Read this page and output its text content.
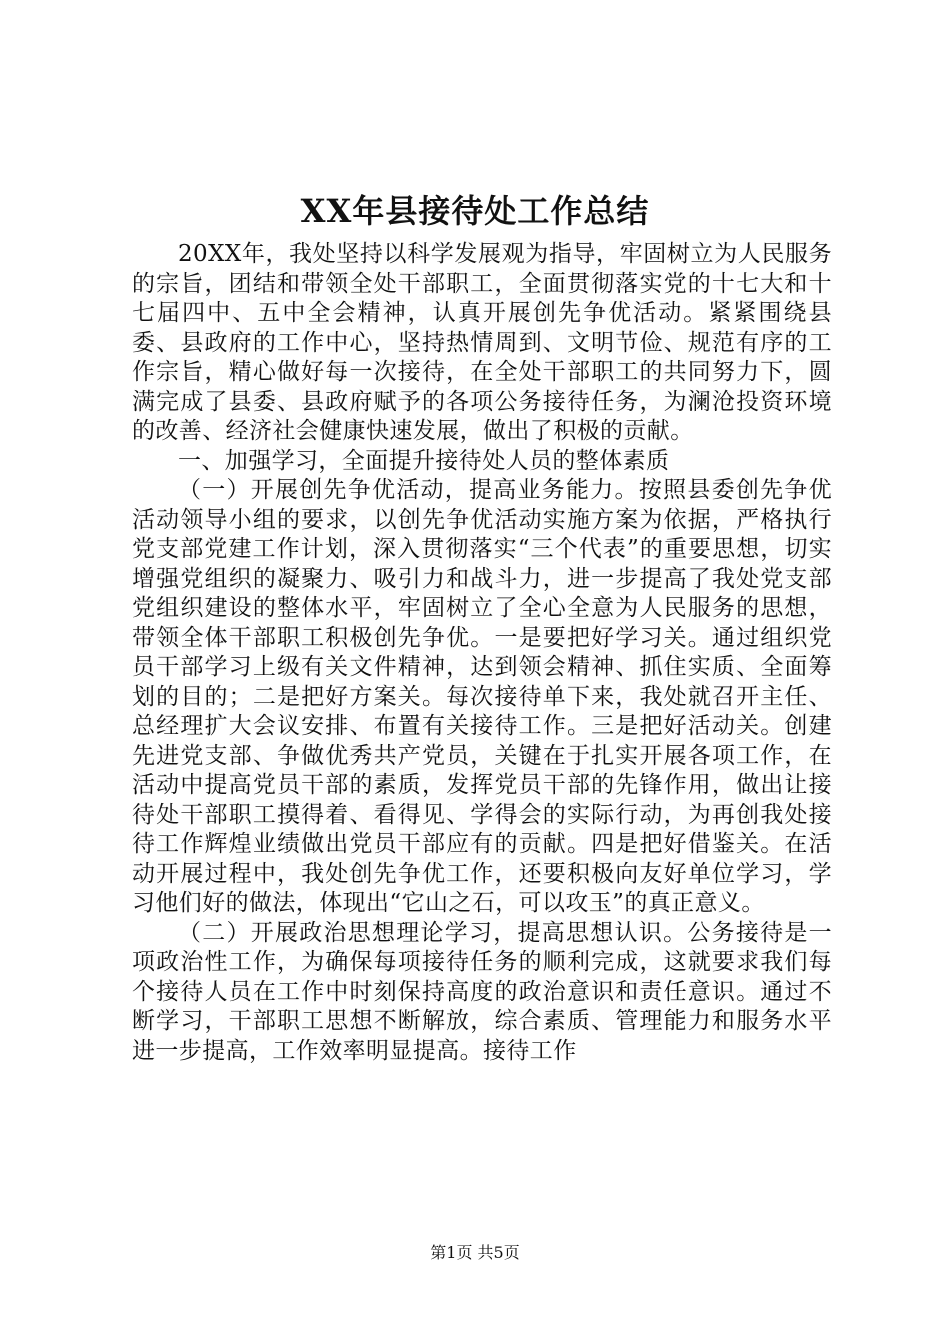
XX年县接待处工作总结

20XX年，我处坚持以科学发展观为指导，牢固树立为人民服务的宗旨，团结和带领全处干部职工，全面贯彻落实党的十七大和十七届四中、五中全会精神，认真开展创先争优活动。紧紧围绕县委、县政府的工作中心，坚持热情周到、文明节俭、规范有序的工作宗旨，精心做好每一次接待，在全处干部职工的共同努力下，圆满完成了县委、县政府赋予的各项公务接待任务，为澜沧投资环境的改善、经济社会健康快速发展，做出了积极的贡献。

一、加强学习，全面提升接待处人员的整体素质

（一）开展创先争优活动，提高业务能力。按照县委创先争优活动领导小组的要求，以创先争优活动实施方案为依据，严格执行党支部党建工作计划，深入贯彻落实“三个代表”的重要思想，切实增强党组织的凝聚力、吸引力和战斗力，进一步提高了我处党支部党组织建设的整体水平，牢固树立了全心全意为人民服务的思想，带领全体干部职工积极创先争优。一是要把好学习关。通过组织党员干部学习上级有关文件精神，达到领会精神、抓住实质、全面筹划的目的；二是把好方案关。每次接待单下来，我处就召开主任、总经理扩大会议安排、布置有关接待工作。三是把好活动关。创建先进党支部、争做优秀共产党员，关键在于扎实开展各项工作，在活动中提高党员干部的素质，发挥党员干部的先锋作用，做出让接待处干部职工摸得着、看得见、学得会的实际行动，为再创我处接待工作辉煌业绩做出党员干部应有的贡献。四是把好借鉴关。在活动开展过程中，我处创先争优工作，还要积极向友好单位学习，学习他们好的做法，体现出“它山之石，可以攻玉”的真正意义。

（二）开展政治思想理论学习，提高思想认识。公务接待是一项政治性工作，为确保每项接待任务的顺利完成，这就要求我们每个接待人员在工作中时刻保持高度的政治意识和责任意识。通过不断学习，干部职工思想不断解放，综合素质、管理能力和服务水平进一步提高，工作效率明显提高。接待工作

第1页 共5页
